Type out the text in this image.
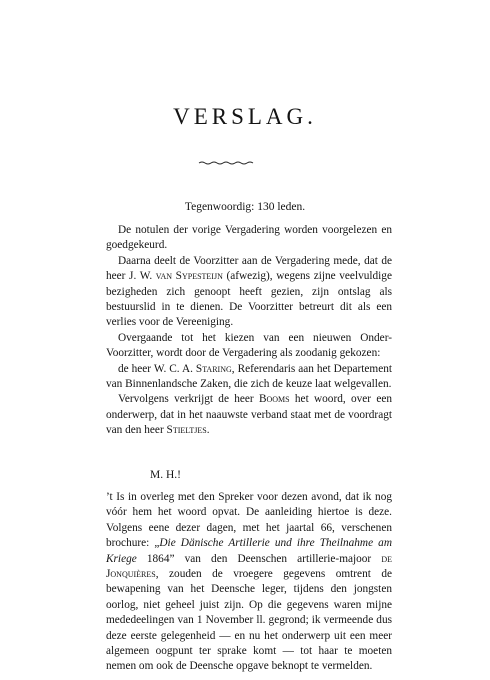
VERSLAG.
Tegenwoordig: 130 leden.

De notulen der vorige Vergadering worden voorgelezen en goedgekeurd.

Daarna deelt de Voorzitter aan de Vergadering mede, dat de heer J. W. van Sypesteijn (afwezig), wegens zijne veelvuldige bezigheden zich genoopt heeft gezien, zijn ontslag als bestuurslid in te dienen. De Voorzitter betreurt dit als een verlies voor de Vereeniging.

Overgaande tot het kiezen van een nieuwen Onder-Voorzitter, wordt door de Vergadering als zoodanig gekozen:

de heer W. C. A. Staring, Referendaris aan het Departement van Binnenlandsche Zaken, die zich de keuze laat welgevallen.

Vervolgens verkrijgt de heer Booms het woord, over een onderwerp, dat in het naauwste verband staat met de voordragt van den heer Stieltjes.

M. H.!

’t Is in overleg met den Spreker voor dezen avond, dat ik nog vóór hem het woord opvat. De aanleiding hiertoe is deze. Volgens eene dezer dagen, met het jaartal 66, verschenen brochure: „Die Dänische Artillerie und ihre Theilnahme am Kriege 1864” van den Deenschen artillerie-majoor de Jonquières, zouden de vroegere gegevens omtrent de bewapening van het Deensche leger, tijdens den jongsten oorlog, niet geheel juist zijn. Op die gegevens waren mijne mededeelingen van 1 November ll. gegrond; ik vermeende dus deze eerste gelegenheid — en nu het onderwerp uit een meer algemeen oogpunt ter sprake komt — tot haar te moeten nemen om ook de Deensche opgave beknopt te vermelden.
